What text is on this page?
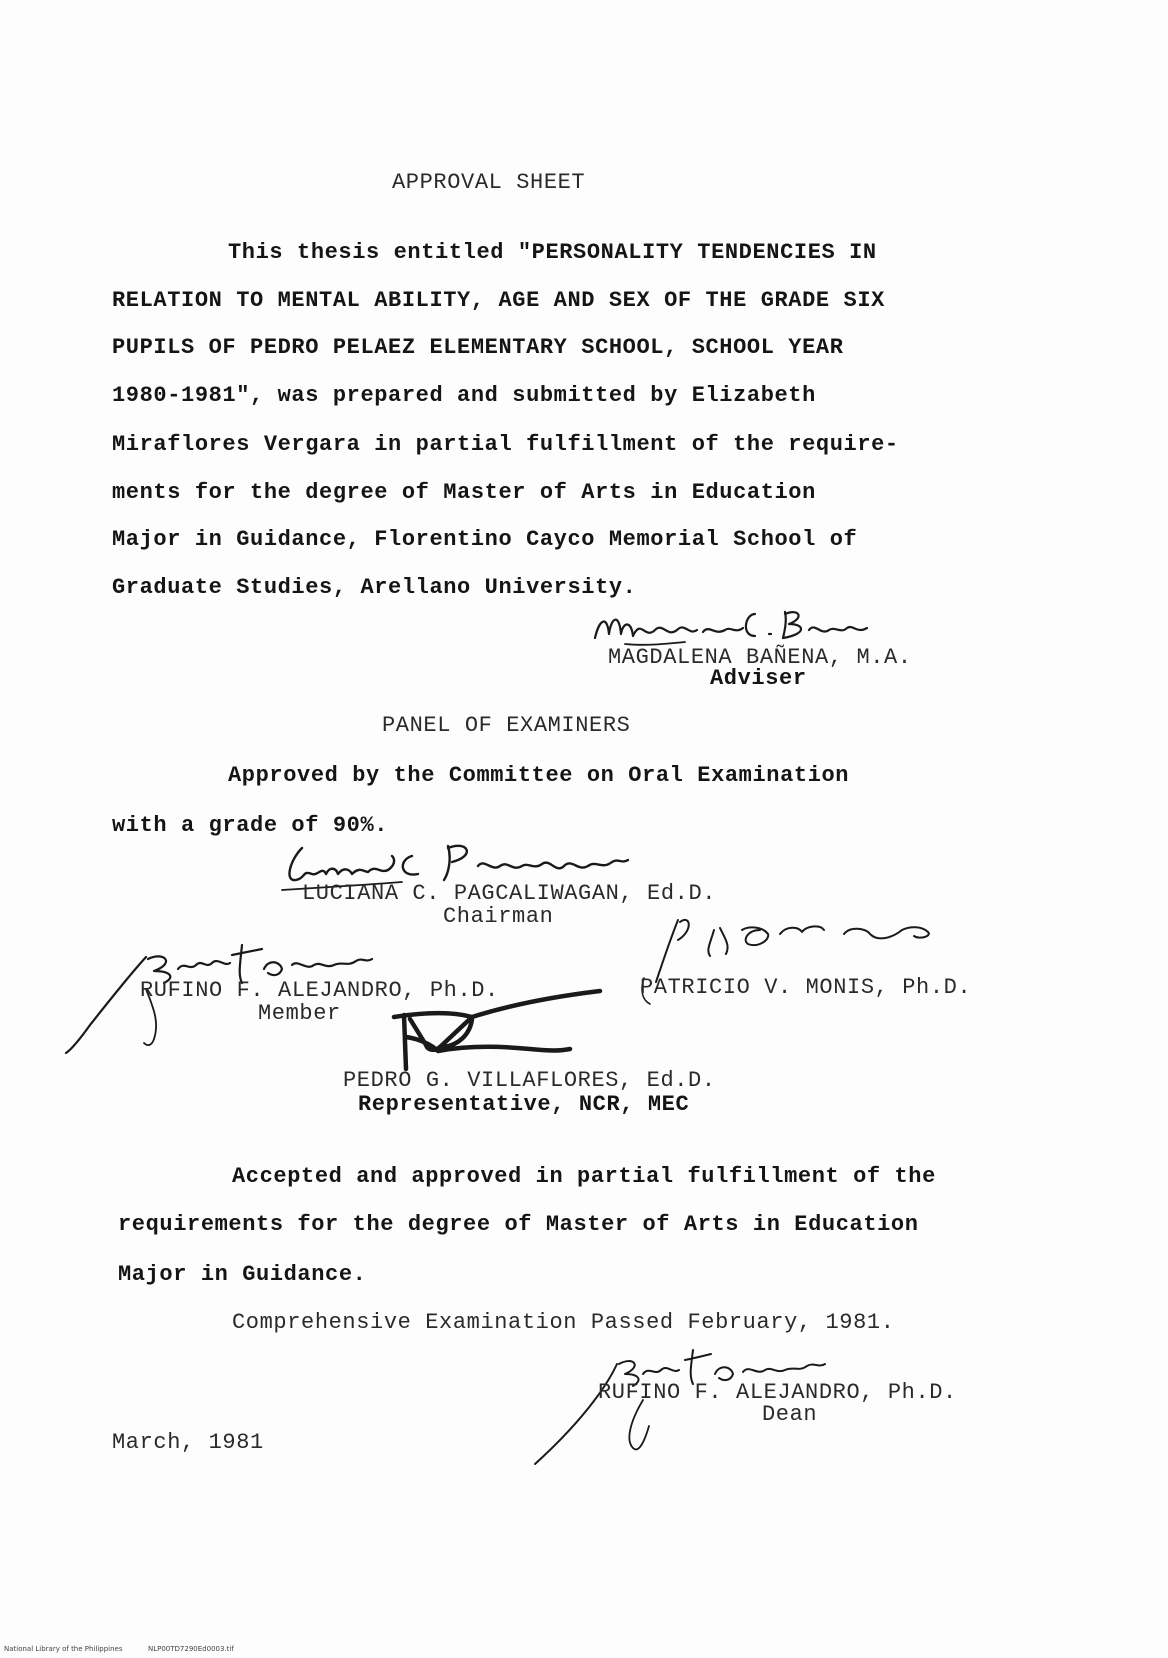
APPROVAL SHEET
This thesis entitled "PERSONALITY TENDENCIES IN
RELATION TO MENTAL ABILITY, AGE AND SEX OF THE GRADE SIX
PUPILS OF PEDRO PELAEZ ELEMENTARY SCHOOL, SCHOOL YEAR
1980-1981", was prepared and submitted by Elizabeth
Miraflores Vergara in partial fulfillment of the require-
ments for the degree of Master of Arts in Education
Major in Guidance, Florentino Cayco Memorial School of
Graduate Studies, Arellano University.
MAGDALENA BAÑENA, M.A.
Adviser
PANEL OF EXAMINERS
Approved by the Committee on Oral Examination
with a grade of 90%.
LUCIANA C. PAGCALIWAGAN, Ed.D.
Chairman
RUFINO F. ALEJANDRO, Ph.D.
Member
PATRICIO V. MONIS, Ph.D.
PEDRO G. VILLAFLORES, Ed.D.
Representative, NCR, MEC
Accepted and approved in partial fulfillment of the
requirements for the degree of Master of Arts in Education
Major in Guidance.
Comprehensive Examination Passed February, 1981.
RUFINO F. ALEJANDRO, Ph.D.
Dean
March, 1981
National Library of the Philippines	NLP00TD7290Ed0003.tif
